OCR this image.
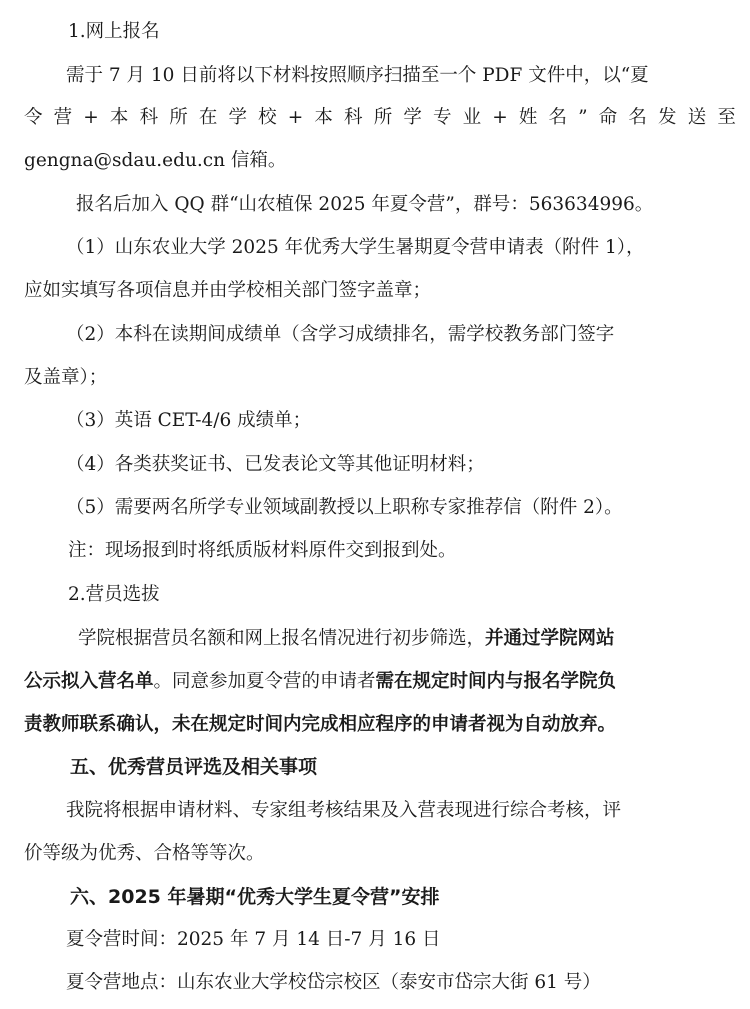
1.网上报名
需于 7 月 10 日前将以下材料按照顺序扫描至一个 PDF 文件中，以“夏
令 营 + 本 科 所 在 学 校 + 本 科 所 学 专 业 + 姓 名 ” 命 名 发 送 至
gengna@sdau.edu.cn 信箱。
报名后加入 QQ 群“山农植保 2025 年夏令营”，群号：563634996。
（1）山东农业大学 2025 年优秀大学生暑期夏令营申请表（附件 1），
应如实填写各项信息并由学校相关部门签字盖章；
（2）本科在读期间成绩单（含学习成绩排名，需学校教务部门签字
及盖章）；
（3）英语 CET-4/6 成绩单；
（4）各类获奖证书、已发表论文等其他证明材料；
（5）需要两名所学专业领域副教授以上职称专家推荐信（附件 2）。
注：现场报到时将纸质版材料原件交到报到处。
2.营员选拔
学院根据营员名额和网上报名情况进行初步筛选，并通过学院网站
公示拟入营名单。同意参加夏令营的申请者需在规定时间内与报名学院负
责教师联系确认，未在规定时间内完成相应程序的申请者视为自动放弃。
五、优秀营员评选及相关事项
我院将根据申请材料、专家组考核结果及入营表现进行综合考核，评
价等级为优秀、合格等等次。
六、2025 年暑期“优秀大学生夏令营”安排
夏令营时间：2025 年 7 月 14 日-7 月 16 日
夏令营地点：山东农业大学校岱宗校区（泰安市岱宗大街 61 号）
